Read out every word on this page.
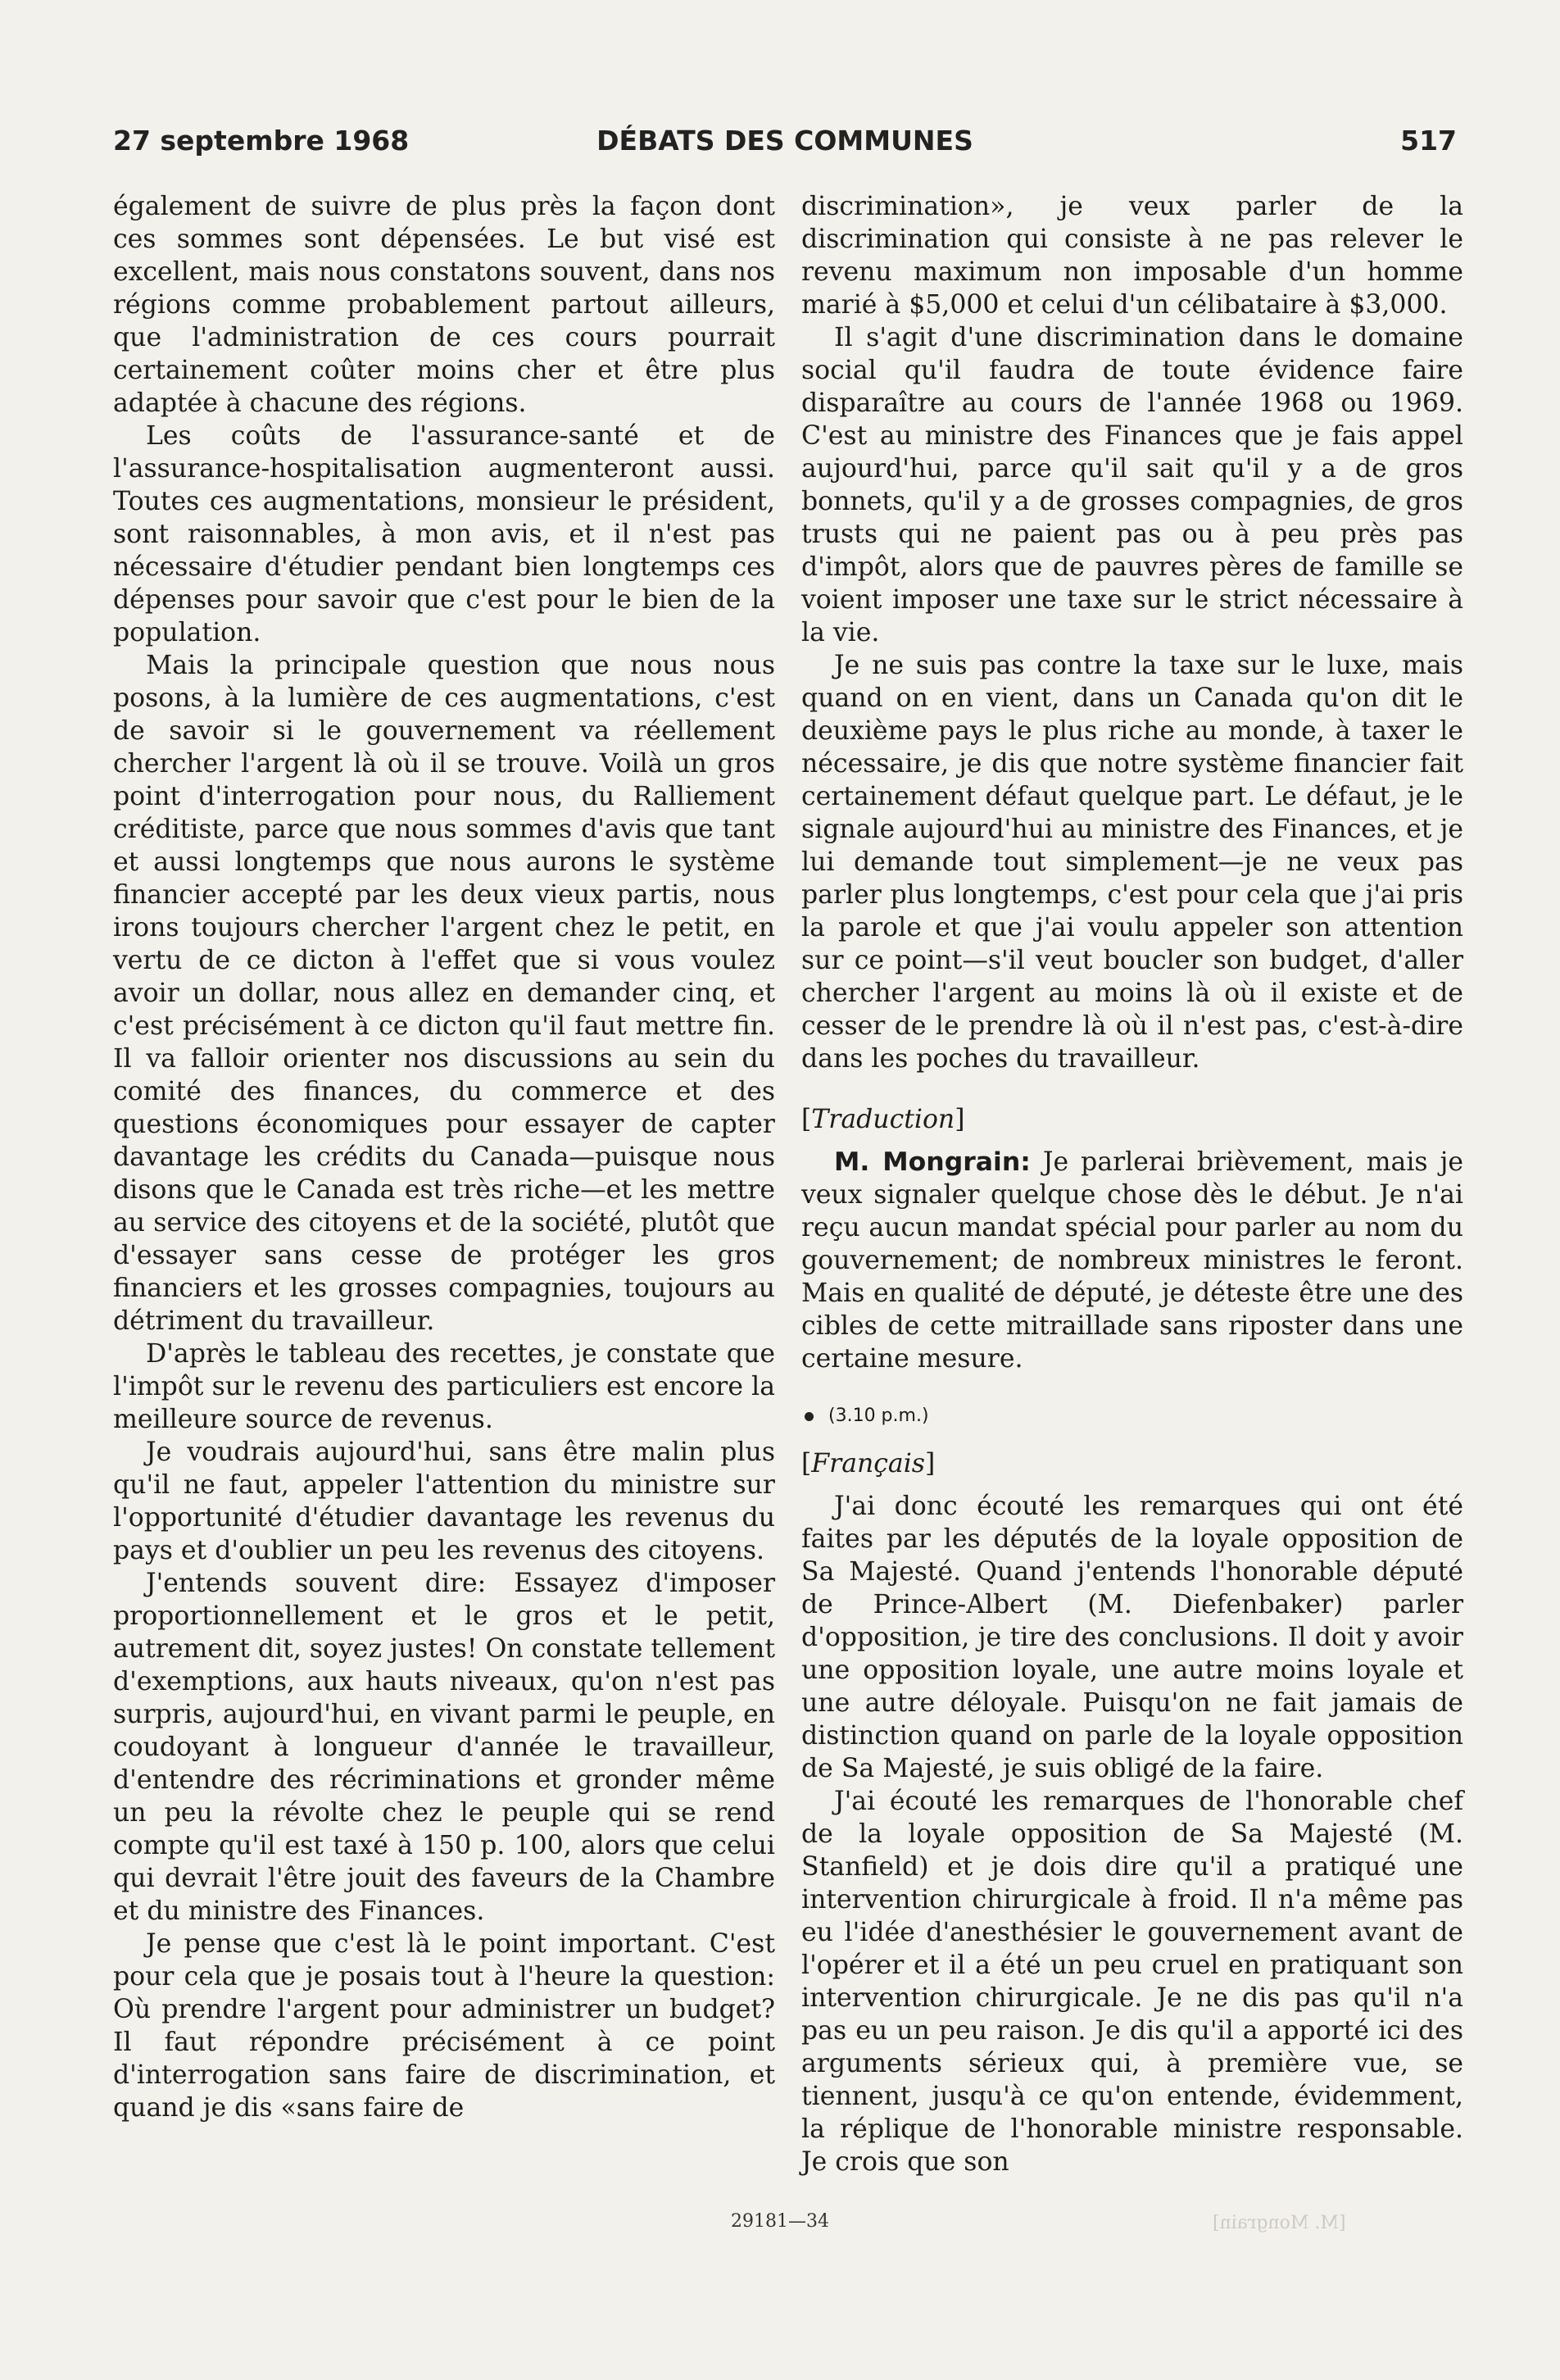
27 septembre 1968	DÉBATS DES COMMUNES	517

également de suivre de plus près la façon dont ces sommes sont dépensées. Le but visé est excellent, mais nous constatons souvent, dans nos régions comme probablement partout ailleurs, que l'administration de ces cours pourrait certainement coûter moins cher et être plus adaptée à chacune des régions.

Les coûts de l'assurance-santé et de l'assurance-hospitalisation augmenteront aussi. Toutes ces augmentations, monsieur le président, sont raisonnables, à mon avis, et il n'est pas nécessaire d'étudier pendant bien longtemps ces dépenses pour savoir que c'est pour le bien de la population.

Mais la principale question que nous nous posons, à la lumière de ces augmentations, c'est de savoir si le gouvernement va réellement chercher l'argent là où il se trouve. Voilà un gros point d'interrogation pour nous, du Ralliement créditiste, parce que nous sommes d'avis que tant et aussi longtemps que nous aurons le système financier accepté par les deux vieux partis, nous irons toujours chercher l'argent chez le petit, en vertu de ce dicton à l'effet que si vous voulez avoir un dollar, nous allez en demander cinq, et c'est précisément à ce dicton qu'il faut mettre fin. Il va falloir orienter nos discussions au sein du comité des finances, du commerce et des questions économiques pour essayer de capter davantage les crédits du Canada—puisque nous disons que le Canada est très riche—et les mettre au service des citoyens et de la société, plutôt que d'essayer sans cesse de protéger les gros financiers et les grosses compagnies, toujours au détriment du travailleur.

D'après le tableau des recettes, je constate que l'impôt sur le revenu des particuliers est encore la meilleure source de revenus.

Je voudrais aujourd'hui, sans être malin plus qu'il ne faut, appeler l'attention du ministre sur l'opportunité d'étudier davantage les revenus du pays et d'oublier un peu les revenus des citoyens.

J'entends souvent dire: Essayez d'imposer proportionnellement et le gros et le petit, autrement dit, soyez justes! On constate tellement d'exemptions, aux hauts niveaux, qu'on n'est pas surpris, aujourd'hui, en vivant parmi le peuple, en coudoyant à longueur d'année le travailleur, d'entendre des récriminations et gronder même un peu la révolte chez le peuple qui se rend compte qu'il est taxé à 150 p. 100, alors que celui qui devrait l'être jouit des faveurs de la Chambre et du ministre des Finances.

Je pense que c'est là le point important. C'est pour cela que je posais tout à l'heure la question: Où prendre l'argent pour administrer un budget? Il faut répondre précisément à ce point d'interrogation sans faire de discrimination, et quand je dis «sans faire de

discrimination», je veux parler de la discrimination qui consiste à ne pas relever le revenu maximum non imposable d'un homme marié à $5,000 et celui d'un célibataire à $3,000.

Il s'agit d'une discrimination dans le domaine social qu'il faudra de toute évidence faire disparaître au cours de l'année 1968 ou 1969. C'est au ministre des Finances que je fais appel aujourd'hui, parce qu'il sait qu'il y a de gros bonnets, qu'il y a de grosses compagnies, de gros trusts qui ne paient pas ou à peu près pas d'impôt, alors que de pauvres pères de famille se voient imposer une taxe sur le strict nécessaire à la vie.

Je ne suis pas contre la taxe sur le luxe, mais quand on en vient, dans un Canada qu'on dit le deuxième pays le plus riche au monde, à taxer le nécessaire, je dis que notre système financier fait certainement défaut quelque part. Le défaut, je le signale aujourd'hui au ministre des Finances, et je lui demande tout simplement—je ne veux pas parler plus longtemps, c'est pour cela que j'ai pris la parole et que j'ai voulu appeler son attention sur ce point—s'il veut boucler son budget, d'aller chercher l'argent au moins là où il existe et de cesser de le prendre là où il n'est pas, c'est-à-dire dans les poches du travailleur.

[Traduction]

M. Mongrain: Je parlerai brièvement, mais je veux signaler quelque chose dès le début. Je n'ai reçu aucun mandat spécial pour parler au nom du gouvernement; de nombreux ministres le feront. Mais en qualité de député, je déteste être une des cibles de cette mitraillade sans riposter dans une certaine mesure.

(3.10 p.m.)
[Français]

J'ai donc écouté les remarques qui ont été faites par les députés de la loyale opposition de Sa Majesté. Quand j'entends l'honorable député de Prince-Albert (M. Diefenbaker) parler d'opposition, je tire des conclusions. Il doit y avoir une opposition loyale, une autre moins loyale et une autre déloyale. Puisqu'on ne fait jamais de distinction quand on parle de la loyale opposition de Sa Majesté, je suis obligé de la faire.

J'ai écouté les remarques de l'honorable chef de la loyale opposition de Sa Majesté (M. Stanfield) et je dois dire qu'il a pratiqué une intervention chirurgicale à froid. Il n'a même pas eu l'idée d'anesthésier le gouvernement avant de l'opérer et il a été un peu cruel en pratiquant son intervention chirurgicale. Je ne dis pas qu'il n'a pas eu un peu raison. Je dis qu'il a apporté ici des arguments sérieux qui, à première vue, se tiennent, jusqu'à ce qu'on entende, évidemment, la réplique de l'honorable ministre responsable. Je crois que son

29181—34	[M. Mongrain]
